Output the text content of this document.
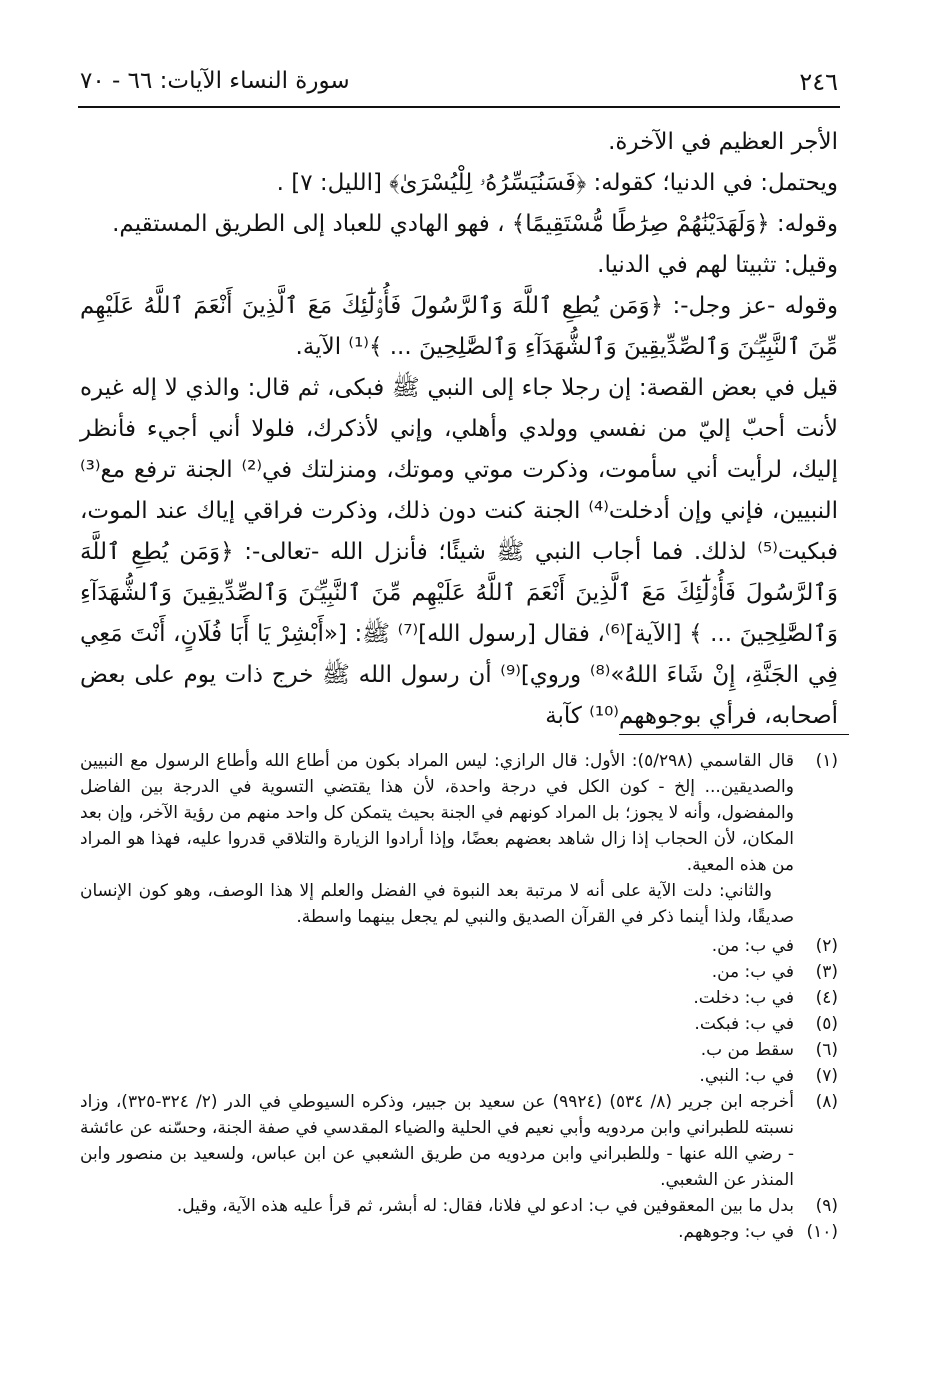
سورة النساء الآيات: ٦٦ - ٧٠	٢٤٦

الأجر العظيم في الآخرة.

ويحتمل: في الدنيا؛ كقوله: ﴿فَسَنُيَسِّرُهُۥ لِلْيُسْرَىٰ﴾ [الليل: ٧] .

وقوله: ﴿وَلَهَدَيْنَٰهُمْ صِرَٰطًا مُّسْتَقِيمًا﴾ ، فهو الهادي للعباد إلى الطريق المستقيم.

وقيل: تثبيتا لهم في الدنيا.

وقوله -عز وجل-: ﴿وَمَن يُطِعِ ٱللَّهَ وَٱلرَّسُولَ فَأُو۟لَٰٓئِكَ مَعَ ٱلَّذِينَ أَنْعَمَ ٱللَّهُ عَلَيْهِم مِّنَ ٱلنَّبِيِّـۧنَ وَٱلصِّدِّيقِينَ وَٱلشُّهَدَآءِ وَٱلصَّٰلِحِينَ ... ﴾⁽¹⁾ الآية.

قيل في بعض القصة: إن رجلا جاء إلى النبي ﷺ فبكى، ثم قال: والذي لا إله غيره لأنت أحبّ إليّ من نفسي وولدي وأهلي، وإني لأذكرك، فلولا أني أجيء فأنظر إليك، لرأيت أني سأموت، وذكرت موتي وموتك، ومنزلتك في⁽²⁾ الجنة ترفع مع⁽³⁾ النبيين، فإني وإن أدخلت⁽⁴⁾ الجنة كنت دون ذلك، وذكرت فراقي إياك عند الموت، فبكيت⁽⁵⁾ لذلك. فما أجاب النبي ﷺ شيئًا؛ فأنزل الله -تعالى-: ﴿وَمَن يُطِعِ ٱللَّهَ وَٱلرَّسُولَ فَأُو۟لَٰٓئِكَ مَعَ ٱلَّذِينَ أَنْعَمَ ٱللَّهُ عَلَيْهِم مِّنَ ٱلنَّبِيِّـۧنَ وَٱلصِّدِّيقِينَ وَٱلشُّهَدَآءِ وَٱلصَّٰلِحِينَ ... ﴾ [الآية]⁽⁶⁾، فقال [رسول الله]⁽⁷⁾ ﷺ: [«أَبْشِرْ يَا أَبَا فُلَانٍ، أَنْتَ مَعِي فِي الجَنَّةِ، إِنْ شَاءَ اللهُ»⁽⁸⁾ وروي]⁽⁹⁾ أن رسول الله ﷺ خرج ذات يوم على بعض أصحابه، فرأي بوجوههم⁽¹⁰⁾ كآبة

(١)
قال القاسمي (٥/٢٩٨): الأول: قال الرازي: ليس المراد بكون من أطاع الله وأطاع الرسول مع النبيين والصديقين... إلخ - كون الكل في درجة واحدة، لأن هذا يقتضي التسوية في الدرجة بين الفاضل والمفضول، وأنه لا يجوز؛ بل المراد كونهم في الجنة بحيث يتمكن كل واحد منهم من رؤية الآخر، وإن بعد المكان، لأن الحجاب إذا زال شاهد بعضهم بعضًا، وإذا أرادوا الزيارة والتلاقي قدروا عليه، فهذا هو المراد من هذه المعية.
والثاني: دلت الآية على أنه لا مرتبة بعد النبوة في الفضل والعلم إلا هذا الوصف، وهو كون الإنسان صديقًا، ولذا أينما ذكر في القرآن الصديق والنبي لم يجعل بينهما واسطة.
(٢)
في ب: من.
(٣)
في ب: من.
(٤)
في ب: دخلت.
(٥)
في ب: فبكت.
(٦)
سقط من ب.
(٧)
في ب: النبي.
(٨)
أخرجه ابن جرير (٨/ ٥٣٤) (٩٩٢٤) عن سعيد بن جبير، وذكره السيوطي في الدر (٢/ ٣٢٤-٣٢٥)، وزاد نسبته للطبراني وابن مردويه وأبي نعيم في الحلية والضياء المقدسي في صفة الجنة، وحسّنه عن عائشة - رضي الله عنها - وللطبراني وابن مردويه من طريق الشعبي عن ابن عباس، ولسعيد بن منصور وابن المنذر عن الشعبي.
(٩)
بدل ما بين المعقوفين في ب: ادعو لي فلانا، فقال: له أبشر، ثم قرأ عليه هذه الآية، وقيل.
(١٠)
في ب: وجوههم.
